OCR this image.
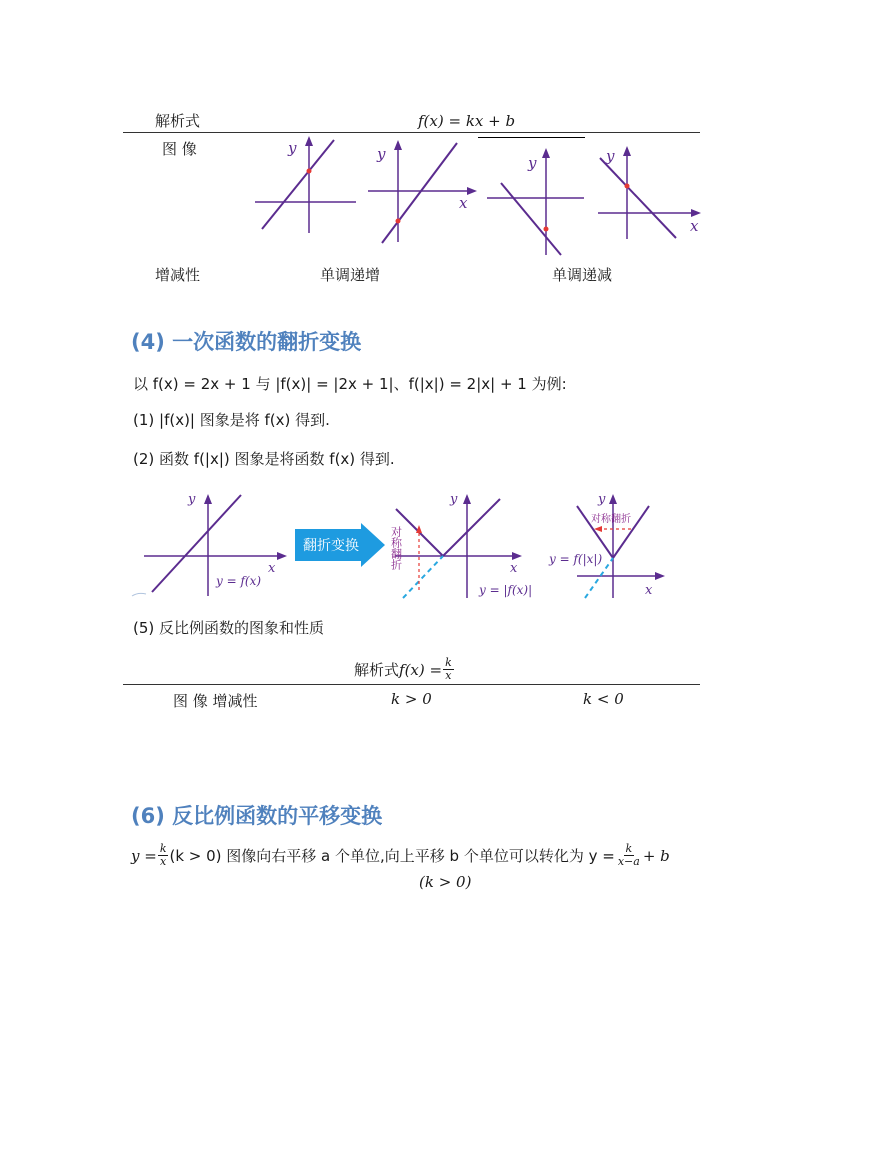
解析式	f(x) = kx + b
图 像	y	y
x
y	y
x
增减性	单调递增	单调递减
(4) 一次函数的翻折变换
以 f(x) = 2x + 1 与 |f(x)| = |2x + 1|、f(|x|) = 2|x| + 1 为例:
(1) |f(x)| 图象是将 f(x) 得到.
(2) 函数 f(|x|) 图象是将函数 f(x) 得到.
y
x
y = f(x)
翻折变换	对称翻折
y
x
y = |f(x)|
对称翻折
y
x
y = f(|x|)
(5) 反比例函数的图象和性质
解析式 $f(x) = \frac{k}{x}$
图 像 增减性	k > 0	k < 0
(6) 反比例函数的平移变换
$y = \frac{k}{x} (k > 0)$ 图像向右平移 a 个单位,向上平移 b 个单位可以转化为 $y = \frac{k}{x-a} + b$
(k > 0)
